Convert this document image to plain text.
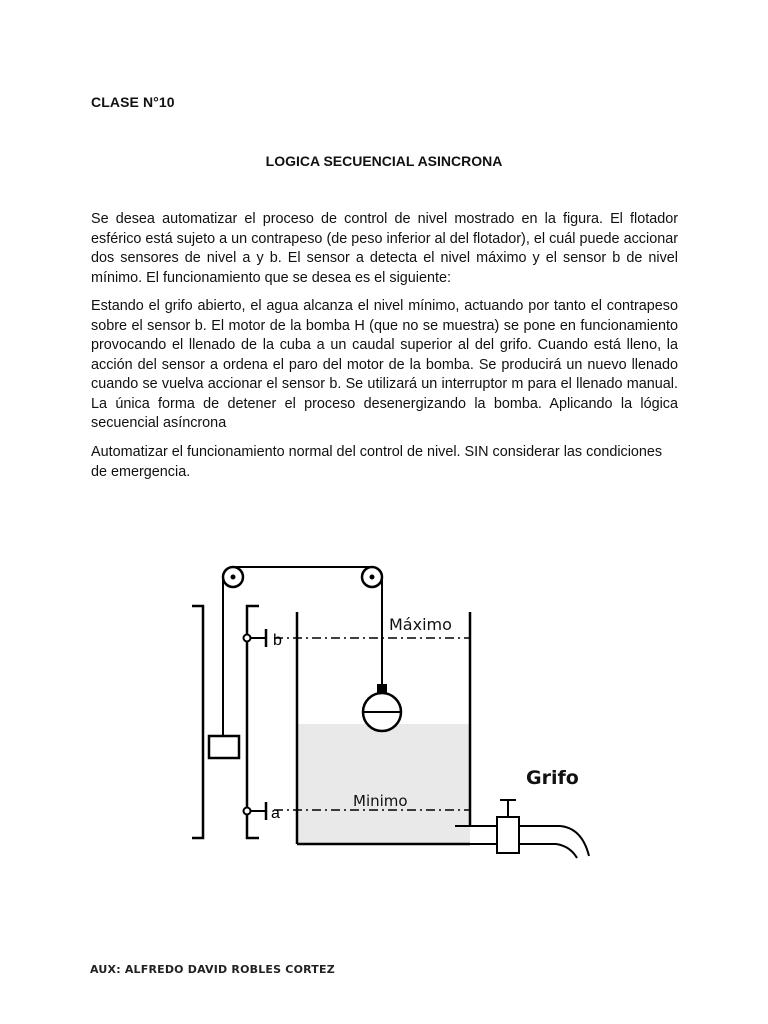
CLASE N°10
LOGICA SECUENCIAL ASINCRONA

Se desea automatizar el proceso de control de nivel mostrado en la figura. El flotador esférico está sujeto a un contrapeso (de peso inferior al del flotador), el cuál puede accionar dos sensores de nivel a y b. El sensor a detecta el nivel máximo y el sensor b de nivel mínimo. El funcionamiento que se desea es el siguiente:

Estando el grifo abierto, el agua alcanza el nivel mínimo, actuando por tanto el contrapeso sobre el sensor b. El motor de la bomba H (que no se muestra) se pone en funcionamiento provocando el llenado de la cuba a un caudal superior al del grifo. Cuando está lleno, la acción del sensor a ordena el paro del motor de la bomba. Se producirá un nuevo llenado cuando se vuelva accionar el sensor b. Se utilizará un interruptor m para el llenado manual. La única forma de detener el proceso desenergizando la bomba. Aplicando la lógica secuencial asíncrona

Automatizar el funcionamiento normal del control de nivel. SIN considerar las condiciones de emergencia.

b
a
Máximo
Minimo
Grifo
AUX: ALFREDO DAVID ROBLES CORTEZ
